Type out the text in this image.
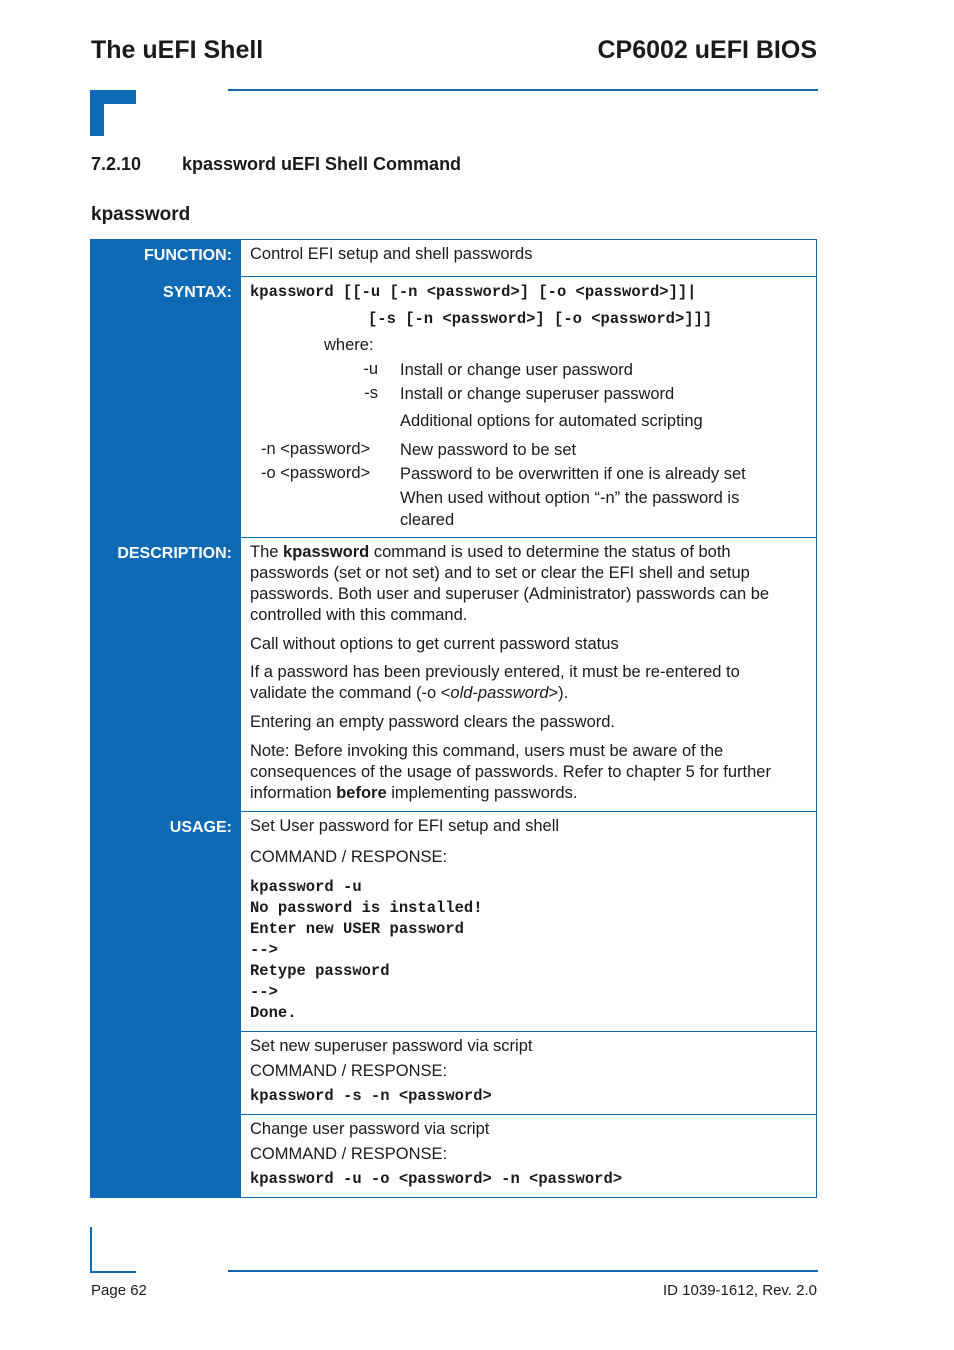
The uEFI Shell	CP6002 uEFI BIOS
7.2.10 kpassword uEFI Shell Command
kpassword
FUNCTION:
SYNTAX:
DESCRIPTION:
USAGE:
Control EFI setup and shell passwords
kpassword [[-u [-n <password>] [-o <password>]]|
[-s [-n <password>] [-o <password>]]]
where:
-u Install or change user password
-s Install or change superuser password
Additional options for automated scripting
-n <password> New password to be set
-o <password> Password to be overwritten if one is already set
When used without option “-n” the password is
cleared
The kpassword command is used to determine the status of both
passwords (set or not set) and to set or clear the EFI shell and setup
passwords. Both user and superuser (Administrator) passwords can be
controlled with this command.
Call without options to get current password status
If a password has been previously entered, it must be re-entered to
validate the command (-o <old-password>).
Entering an empty password clears the password.
Note: Before invoking this command, users must be aware of the
consequences of the usage of passwords. Refer to chapter 5 for further
information before implementing passwords.
Set User password for EFI setup and shell
COMMAND / RESPONSE:
kpassword -u
No password is installed!
Enter new USER password
-->
Retype password
-->
Done.
Set new superuser password via script
COMMAND / RESPONSE:
kpassword -s -n <password>
Change user password via script
COMMAND / RESPONSE:
kpassword -u -o <password> -n <password>
Page 62	ID 1039-1612, Rev. 2.0
